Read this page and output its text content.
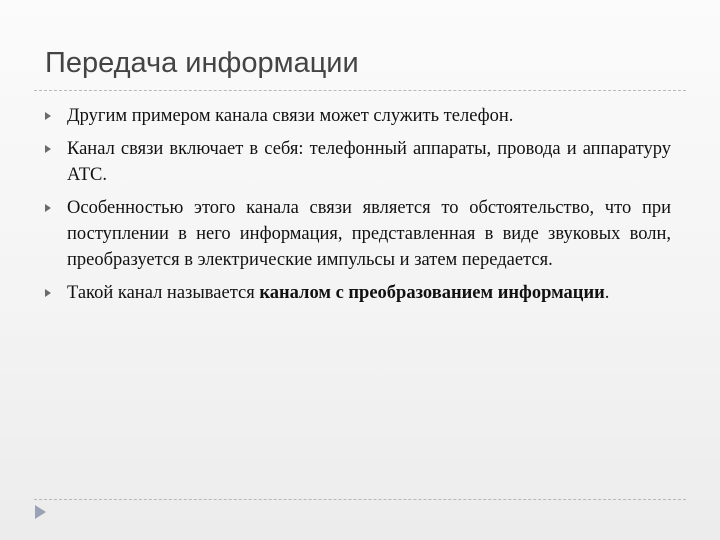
Передача информации
Другим примером канала связи может служить телефон.
Канал связи включает в себя: телефонный аппараты, провода и аппаратуру АТС.
Особенностью этого канала связи является то обстоятельство, что при поступлении в него информация, представленная в виде звуковых волн, преобразуется в электрические импульсы и затем передается.
Такой канал называется каналом с преобразованием информации.
